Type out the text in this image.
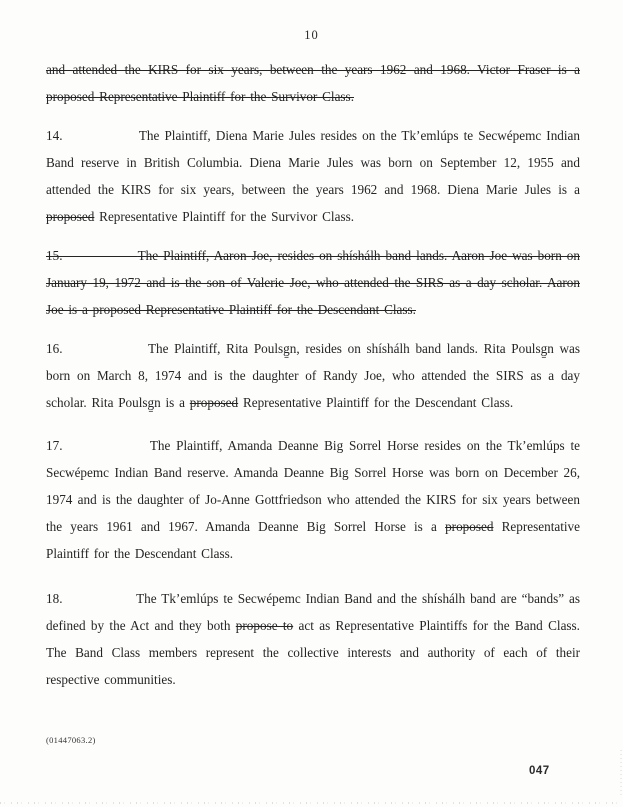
10

and attended the KIRS for six years, between the years 1962 and 1968. Victor Fraser is a proposed Representative Plaintiff for the Survivor Class.

14.	The Plaintiff, Diena Marie Jules resides on the Tk’emlúps te Secwépemc Indian Band reserve in British Columbia. Diena Marie Jules was born on September 12, 1955 and attended the KIRS for six years, between the years 1962 and 1968. Diena Marie Jules is a proposed Representative Plaintiff for the Survivor Class.

15.	The Plaintiff, Aaron Joe, resides on shíshálh band lands. Aaron Joe was born on January 19, 1972 and is the son of Valerie Joe, who attended the SIRS as a day scholar. Aaron Joe is a proposed Representative Plaintiff for the Descendant Class.

16.	The Plaintiff, Rita Poulsg̱n, resides on shíshálh band lands. Rita Poulsg̱n was born on March 8, 1974 and is the daughter of Randy Joe, who attended the SIRS as a day scholar. Rita Poulsg̱n is a proposed Representative Plaintiff for the Descendant Class.

17.	The Plaintiff, Amanda Deanne Big Sorrel Horse resides on the Tk’emlúps te Secwépemc Indian Band reserve. Amanda Deanne Big Sorrel Horse was born on December 26, 1974 and is the daughter of Jo-Anne Gottfriedson who attended the KIRS for six years between the years 1961 and 1967. Amanda Deanne Big Sorrel Horse is a proposed Representative Plaintiff for the Descendant Class.

18.	The Tk’emlúps te Secwépemc Indian Band and the shíshálh band are “bands” as defined by the Act and they both propose to act as Representative Plaintiffs for the Band Class. The Band Class members represent the collective interests and authority of each of their respective communities.

(01447063.2)
047
